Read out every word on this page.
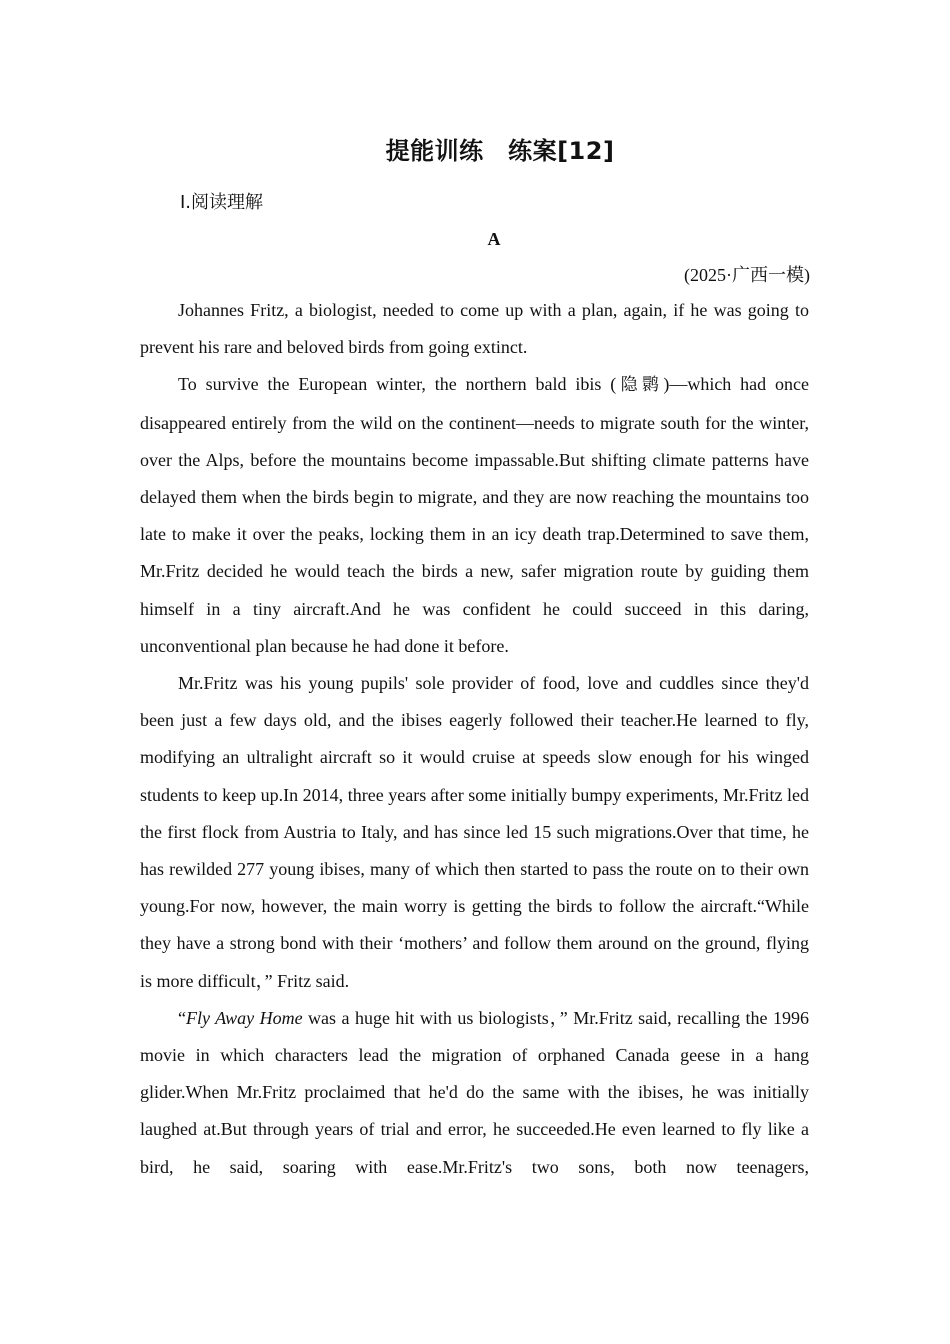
提能训练　练案[12]
Ⅰ.阅读理解
A
(2025·广西一模)

Johannes Fritz, a biologist, needed to come up with a plan, again, if he was going to prevent his rare and beloved birds from going extinct.

To survive the European winter, the northern bald ibis (隐鹮)—which had once disappeared entirely from the wild on the continent—needs to migrate south for the winter, over the Alps, before the mountains become impassable.But shifting climate patterns have delayed them when the birds begin to migrate, and they are now reaching the mountains too late to make it over the peaks, locking them in an icy death trap.Determined to save them, Mr.Fritz decided he would teach the birds a new, safer migration route by guiding them himself in a tiny aircraft.And he was confident he could succeed in this daring, unconventional plan because he had done it before.

Mr.Fritz was his young pupils' sole provider of food, love and cuddles since they'd been just a few days old, and the ibises eagerly followed their teacher.He learned to fly, modifying an ultralight aircraft so it would cruise at speeds slow enough for his winged students to keep up.In 2014, three years after some initially bumpy experiments, Mr.Fritz led the first flock from Austria to Italy, and has since led 15 such migrations.Over that time, he has rewilded 277 young ibises, many of which then started to pass the route on to their own young.For now, however, the main worry is getting the birds to follow the aircraft.“While they have a strong bond with their ‘mothers’ and follow them around on the ground, flying is more difficult，” Fritz said.

“Fly Away Home was a huge hit with us biologists，” Mr.Fritz said, recalling the 1996 movie in which characters lead the migration of orphaned Canada geese in a hang glider.When Mr.Fritz proclaimed that he'd do the same with the ibises, he was initially laughed at.But through years of trial and error, he succeeded.He even learned to fly like a bird, he said, soaring with ease.Mr.Fritz's two sons, both now teenagers,
